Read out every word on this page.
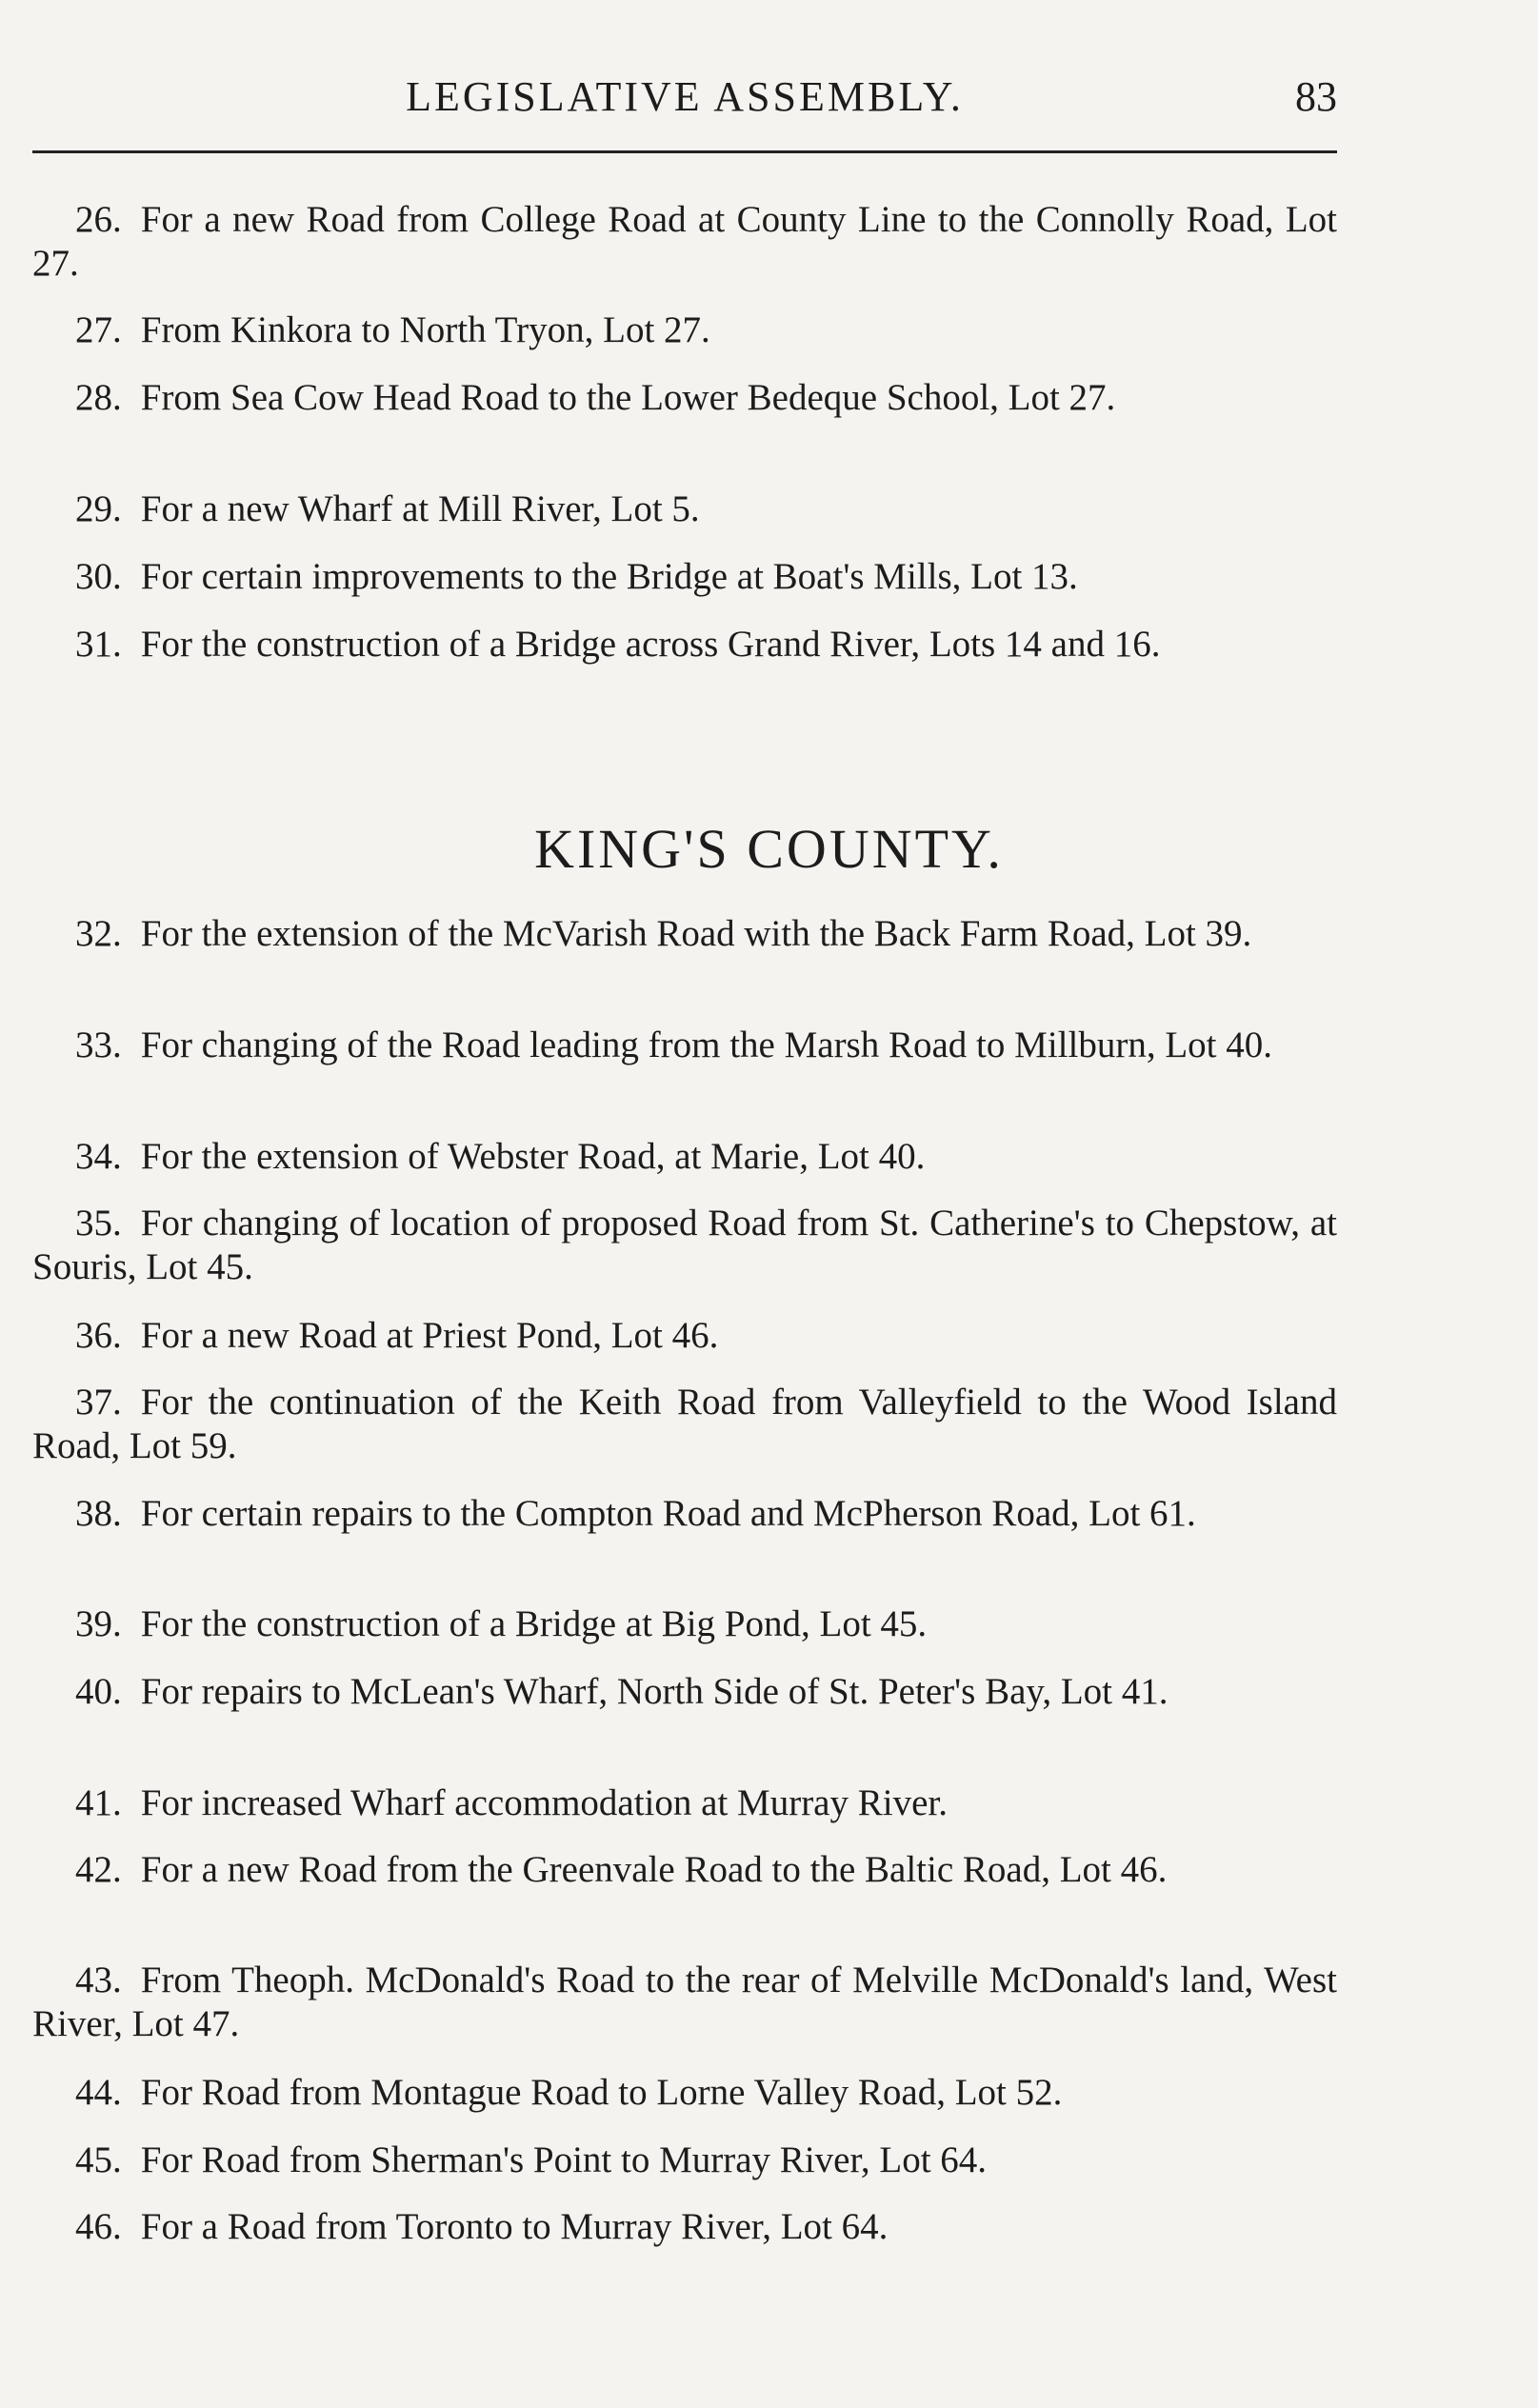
LEGISLATIVE ASSEMBLY.	83
26. For a new Road from College Road at County Line to the Connolly Road, Lot 27.
27. From Kinkora to North Tryon, Lot 27.
28. From Sea Cow Head Road to the Lower Bedeque School, Lot 27.
29. For a new Wharf at Mill River, Lot 5.
30. For certain improvements to the Bridge at Boat's Mills, Lot 13.
31. For the construction of a Bridge across Grand River, Lots 14 and 16.
KING'S COUNTY.
32. For the extension of the McVarish Road with the Back Farm Road, Lot 39.
33. For changing of the Road leading from the Marsh Road to Millburn, Lot 40.
34. For the extension of Webster Road, at Marie, Lot 40.
35. For changing of location of proposed Road from St. Catherine's to Chepstow, at Souris, Lot 45.
36. For a new Road at Priest Pond, Lot 46.
37. For the continuation of the Keith Road from Valleyfield to the Wood Island Road, Lot 59.
38. For certain repairs to the Compton Road and McPherson Road, Lot 61.
39. For the construction of a Bridge at Big Pond, Lot 45.
40. For repairs to McLean's Wharf, North Side of St. Peter's Bay, Lot 41.
41. For increased Wharf accommodation at Murray River.
42. For a new Road from the Greenvale Road to the Baltic Road, Lot 46.
43. From Theoph. McDonald's Road to the rear of Melville McDonald's land, West River, Lot 47.
44. For Road from Montague Road to Lorne Valley Road, Lot 52.
45. For Road from Sherman's Point to Murray River, Lot 64.
46. For a Road from Toronto to Murray River, Lot 64.
